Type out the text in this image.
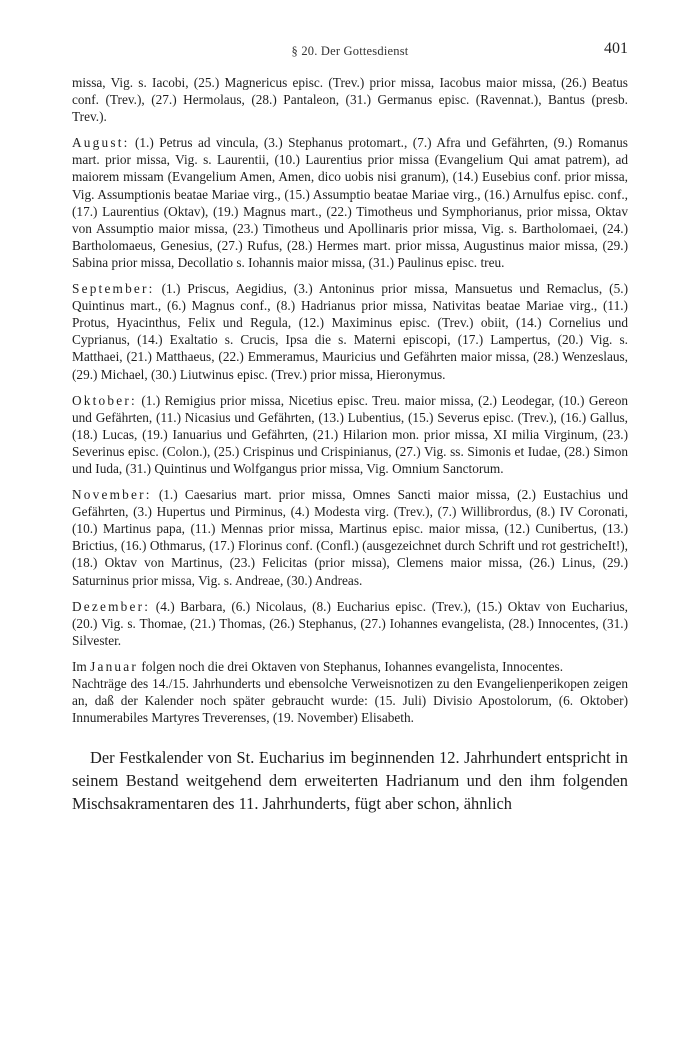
§ 20. Der Gottesdienst	401

missa, Vig. s. Iacobi, (25.) Magnericus episc. (Trev.) prior missa, Iacobus maior missa, (26.) Beatus conf. (Trev.), (27.) Hermolaus, (28.) Pantaleon, (31.) Germanus episc. (Ravennat.), Bantus (presb. Trev.).

August: (1.) Petrus ad vincula, (3.) Stephanus protomart., (7.) Afra und Gefährten, (9.) Romanus mart. prior missa, Vig. s. Laurentii, (10.) Laurentius prior missa (Evangelium Qui amat patrem), ad maiorem missam (Evangelium Amen, Amen, dico uobis nisi granum), (14.) Eusebius conf. prior missa, Vig. Assumptionis beatae Mariae virg., (15.) Assumptio beatae Mariae virg., (16.) Arnulfus episc. conf., (17.) Laurentius (Oktav), (19.) Magnus mart., (22.) Timotheus und Symphorianus, prior missa, Oktav von Assumptio maior missa, (23.) Timotheus und Apollinaris prior missa, Vig. s. Bartholomaei, (24.) Bartholomaeus, Genesius, (27.) Rufus, (28.) Hermes mart. prior missa, Augustinus maior missa, (29.) Sabina prior missa, Decollatio s. Iohannis maior missa, (31.) Paulinus episc. treu.

September: (1.) Priscus, Aegidius, (3.) Antoninus prior missa, Mansuetus und Remaclus, (5.) Quintinus mart., (6.) Magnus conf., (8.) Hadrianus prior missa, Nativitas beatae Mariae virg., (11.) Protus, Hyacinthus, Felix und Regula, (12.) Maximinus episc. (Trev.) obiit, (14.) Cornelius und Cyprianus, (14.) Exaltatio s. Crucis, Ipsa die s. Materni episcopi, (17.) Lampertus, (20.) Vig. s. Matthaei, (21.) Matthaeus, (22.) Emmeramus, Mauricius und Gefährten maior missa, (28.) Wenzeslaus, (29.) Michael, (30.) Liutwinus episc. (Trev.) prior missa, Hieronymus.

Oktober: (1.) Remigius prior missa, Nicetius episc. Treu. maior missa, (2.) Leodegar, (10.) Gereon und Gefährten, (11.) Nicasius und Gefährten, (13.) Lubentius, (15.) Severus episc. (Trev.), (16.) Gallus, (18.) Lucas, (19.) Ianuarius und Gefährten, (21.) Hilarion mon. prior missa, XI milia Virginum, (23.) Severinus episc. (Colon.), (25.) Crispinus und Crispinianus, (27.) Vig. ss. Simonis et Iudae, (28.) Simon und Iuda, (31.) Quintinus und Wolfgangus prior missa, Vig. Omnium Sanctorum.

November: (1.) Caesarius mart. prior missa, Omnes Sancti maior missa, (2.) Eustachius und Gefährten, (3.) Hupertus und Pirminus, (4.) Modesta virg. (Trev.), (7.) Willibrordus, (8.) IV Coronati, (10.) Martinus papa, (11.) Mennas prior missa, Martinus episc. maior missa, (12.) Cunibertus, (13.) Brictius, (16.) Othmarus, (17.) Florinus conf. (Confl.) (ausgezeichnet durch Schrift und rot gestricheIt!), (18.) Oktav von Martinus, (23.) Felicitas (prior missa), Clemens maior missa, (26.) Linus, (29.) Saturninus prior missa, Vig. s. Andreae, (30.) Andreas.

Dezember: (4.) Barbara, (6.) Nicolaus, (8.) Eucharius episc. (Trev.), (15.) Oktav von Eucharius, (20.) Vig. s. Thomae, (21.) Thomas, (26.) Stephanus, (27.) Iohannes evangelista, (28.) Innocentes, (31.) Silvester.

Im Januar folgen noch die drei Oktaven von Stephanus, Iohannes evangelista, Innocentes.

Nachträge des 14./15. Jahrhunderts und ebensolche Verweisnotizen zu den Evangelienperikopen zeigen an, daß der Kalender noch später gebraucht wurde: (15. Juli) Divisio Apostolorum, (6. Oktober) Innumerabiles Martyres Treverenses, (19. November) Elisabeth.

Der Festkalender von St. Eucharius im beginnenden 12. Jahrhundert entspricht in seinem Bestand weitgehend dem erweiterten Hadrianum und den ihm folgenden Mischsakramentaren des 11. Jahrhunderts, fügt aber schon, ähnlich
